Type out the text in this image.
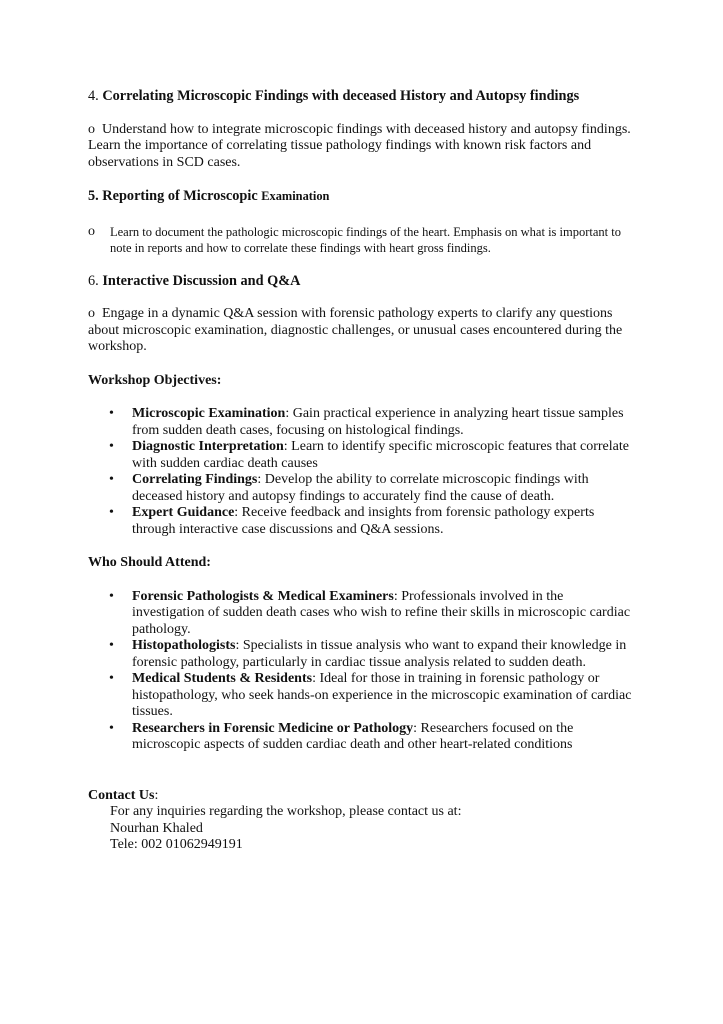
4. Correlating Microscopic Findings with deceased History and Autopsy findings

o Understand how to integrate microscopic findings with deceased history and autopsy findings. Learn the importance of correlating tissue pathology findings with known risk factors and observations in SCD cases.

5. Reporting of Microscopic Examination

o	Learn to document the pathologic microscopic findings of the heart. Emphasis on what is important to note in reports and how to correlate these findings with heart gross findings.

6. Interactive Discussion and Q&A

o Engage in a dynamic Q&A session with forensic pathology experts to clarify any questions about microscopic examination, diagnostic challenges, or unusual cases encountered during the workshop.

Workshop Objectives:

• Microscopic Examination: Gain practical experience in analyzing heart tissue samples from sudden death cases, focusing on histological findings.
• Diagnostic Interpretation: Learn to identify specific microscopic features that correlate with sudden cardiac death causes
• Correlating Findings: Develop the ability to correlate microscopic findings with deceased history and autopsy findings to accurately find the cause of death.
• Expert Guidance: Receive feedback and insights from forensic pathology experts through interactive case discussions and Q&A sessions.

Who Should Attend:

• Forensic Pathologists & Medical Examiners: Professionals involved in the investigation of sudden death cases who wish to refine their skills in microscopic cardiac pathology.
• Histopathologists: Specialists in tissue analysis who want to expand their knowledge in forensic pathology, particularly in cardiac tissue analysis related to sudden death.
• Medical Students & Residents: Ideal for those in training in forensic pathology or histopathology, who seek hands-on experience in the microscopic examination of cardiac tissues.
• Researchers in Forensic Medicine or Pathology: Researchers focused on the microscopic aspects of sudden cardiac death and other heart-related conditions

Contact Us:

For any inquiries regarding the workshop, please contact us at:

Nourhan Khaled

Tele: 002 01062949191
